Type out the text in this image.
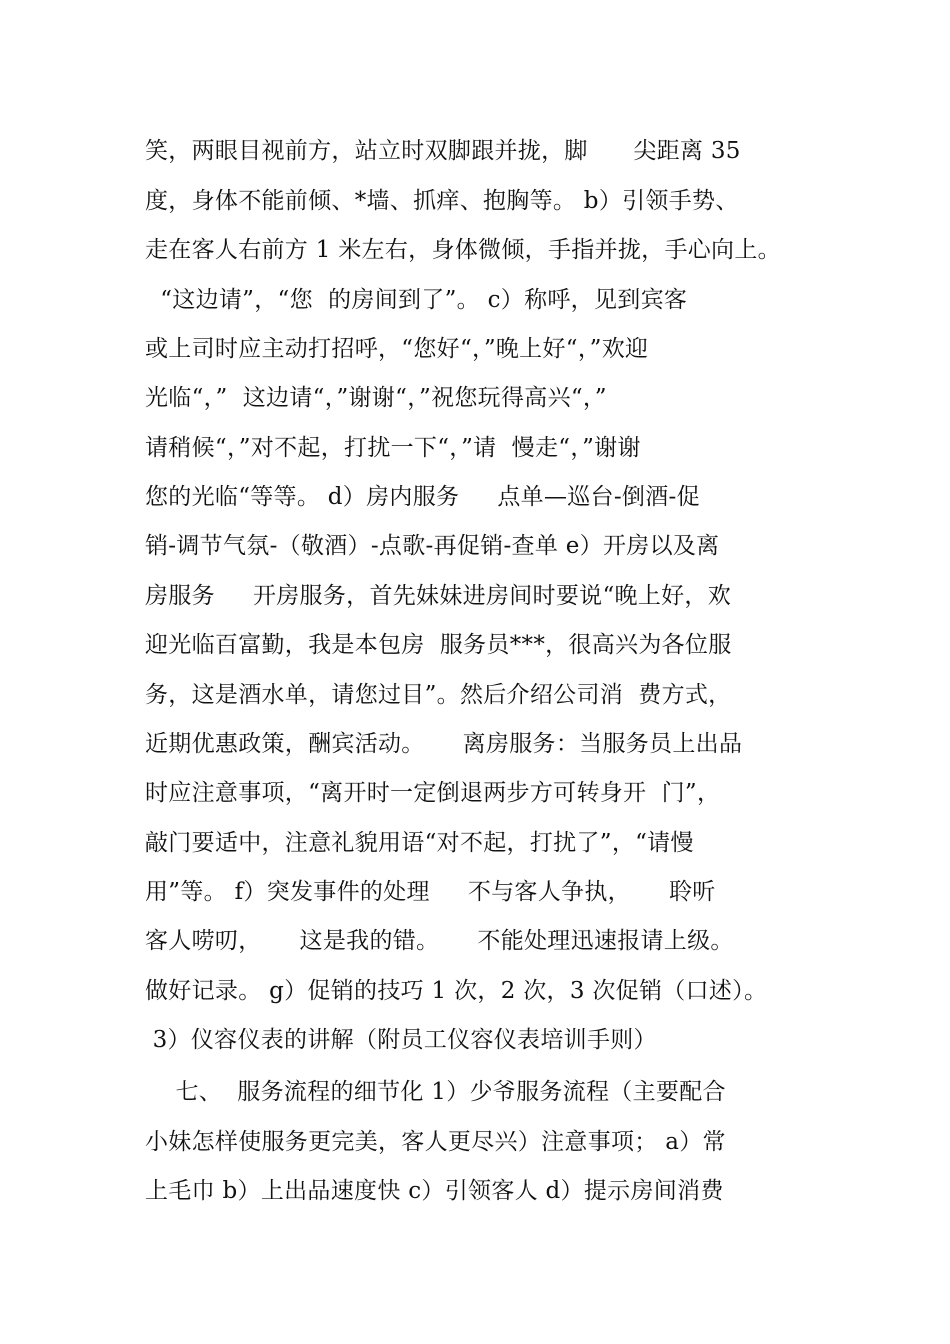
笑，两眼目视前方，站立时双脚跟并拢，脚      尖距离 35
度，身体不能前倾、*墙、抓痒、抱胸等。 b）引领手势、
走在客人右前方 1 米左右，身体微倾，手指并拢，手心向上。
“这边请”，“您  的房间到了”。 c）称呼，见到宾客
或上司时应主动打招呼，“您好“，”晚上好“，”欢迎
光临“，”  这边请“，”谢谢“，”祝您玩得高兴“，”
请稍候“，”对不起，打扰一下“，”请  慢走“，”谢谢
您的光临“等等。 d）房内服务     点单—巡台-倒酒-促
销-调节气氛-（敬酒）-点歌-再促销-查单 e）开房以及离
房服务     开房服务，首先妹妹进房间时要说“晚上好，欢
迎光临百富勤，我是本包房  服务员***，很高兴为各位服
务，这是酒水单，请您过目”。然后介绍公司消  费方式，
近期优惠政策，酬宾活动。     离房服务：当服务员上出品
时应注意事项，“离开时一定倒退两步方可转身开  门”，
敲门要适中，注意礼貌用语“对不起，打扰了”，“请慢
用”等。 f）突发事件的处理     不与客人争执，     聆听
客人唠叨，     这是我的错。     不能处理迅速报请上级。
做好记录。 g）促销的技巧 1 次，2 次，3 次促销（口述）。
3）仪容仪表的讲解（附员工仪容仪表培训手则）
七、  服务流程的细节化 1）少爷服务流程（主要配合
小妹怎样使服务更完美，客人更尽兴）注意事项； a）常
上毛巾 b）上出品速度快 c）引领客人 d）提示房间消费
